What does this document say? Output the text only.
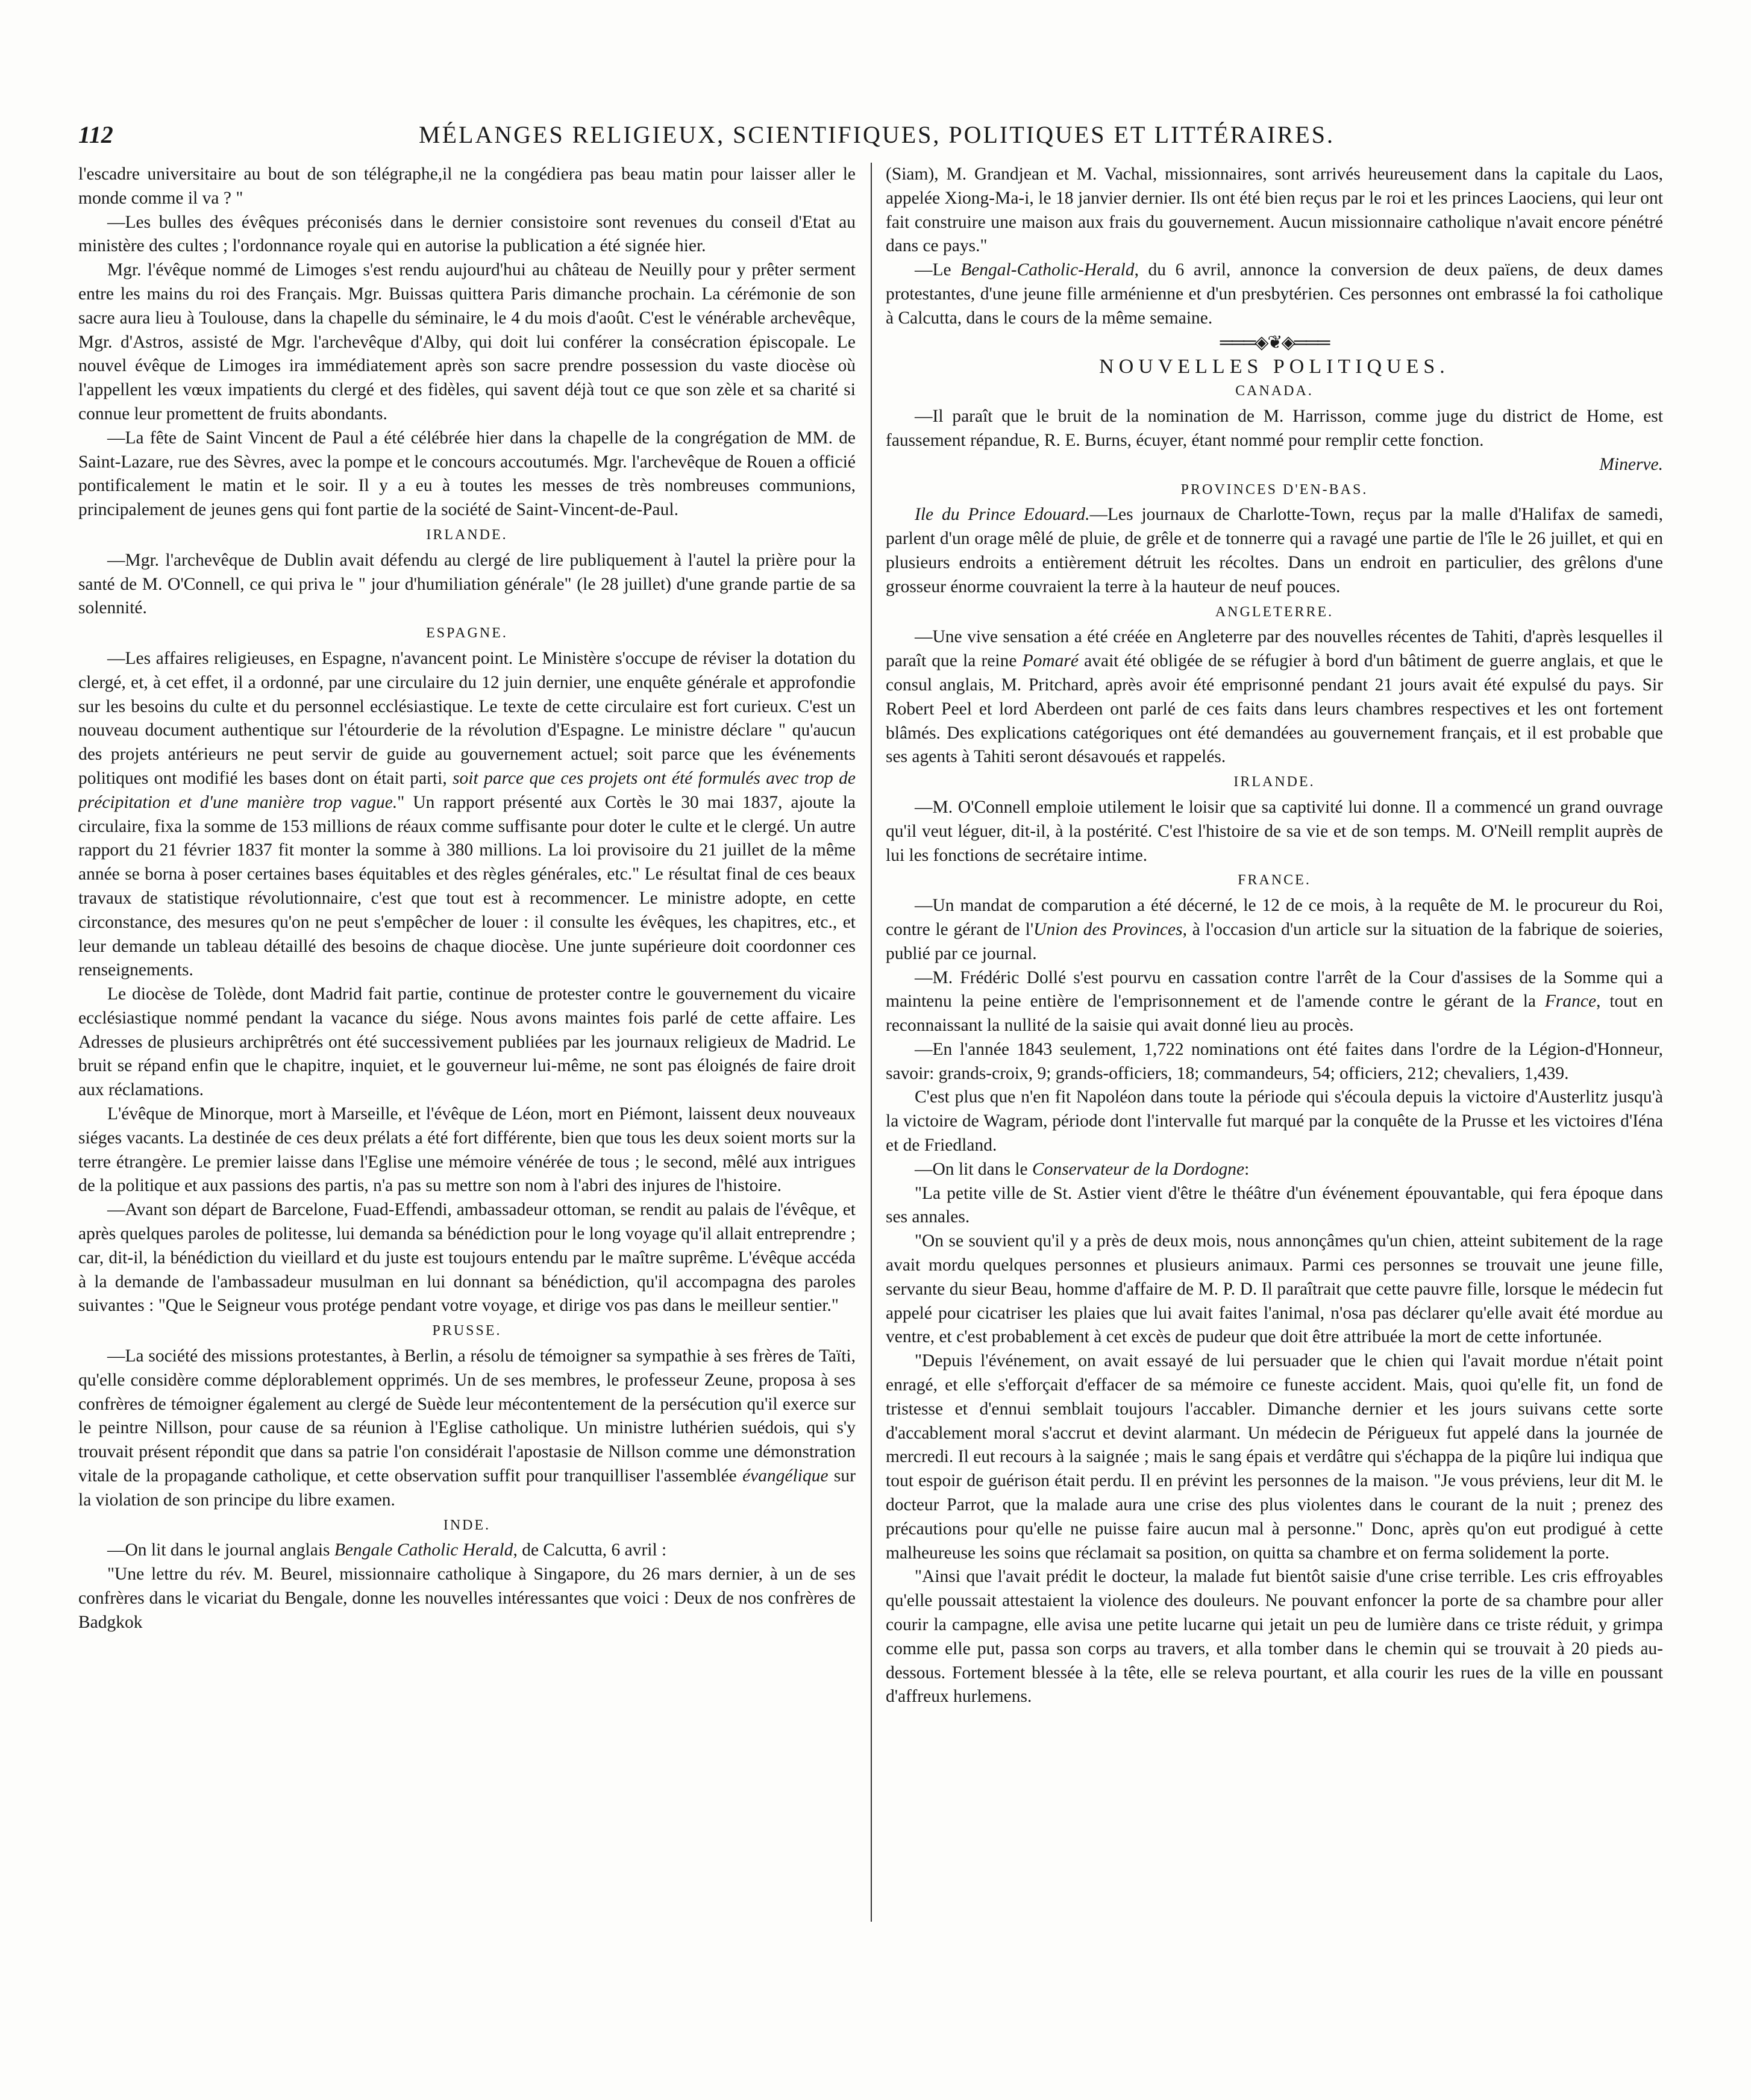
112	MÉLANGES RELIGIEUX, SCIENTIFIQUES, POLITIQUES ET LITTÉRAIRES.

l'escadre universitaire au bout de son télégraphe,il ne la congédiera pas beau matin pour laisser aller le monde comme il va ? "

—Les bulles des évêques préconisés dans le dernier consistoire sont revenues du conseil d'Etat au ministère des cultes ; l'ordonnance royale qui en autorise la publication a été signée hier.

Mgr. l'évêque nommé de Limoges s'est rendu aujourd'hui au château de Neuilly pour y prêter serment entre les mains du roi des Français. Mgr. Buissas quittera Paris dimanche prochain. La cérémonie de son sacre aura lieu à Toulouse, dans la chapelle du séminaire, le 4 du mois d'août. C'est le vénérable archevêque, Mgr. d'Astros, assisté de Mgr. l'archevêque d'Alby, qui doit lui conférer la consécration épiscopale. Le nouvel évêque de Limoges ira immédiatement après son sacre prendre possession du vaste diocèse où l'appellent les vœux impatients du clergé et des fidèles, qui savent déjà tout ce que son zèle et sa charité si connue leur promettent de fruits abondants.

—La fête de Saint Vincent de Paul a été célébrée hier dans la chapelle de la congrégation de MM. de Saint-Lazare, rue des Sèvres, avec la pompe et le concours accoutumés. Mgr. l'archevêque de Rouen a officié pontificalement le matin et le soir. Il y a eu à toutes les messes de très nombreuses communions, principalement de jeunes gens qui font partie de la société de Saint-Vincent-de-Paul.

IRLANDE.

—Mgr. l'archevêque de Dublin avait défendu au clergé de lire publiquement à l'autel la prière pour la santé de M. O'Connell, ce qui priva le " jour d'humiliation générale" (le 28 juillet) d'une grande partie de sa solennité.

ESPAGNE.

—Les affaires religieuses, en Espagne, n'avancent point. Le Ministère s'occupe de réviser la dotation du clergé, et, à cet effet, il a ordonné, par une circulaire du 12 juin dernier, une enquête générale et approfondie sur les besoins du culte et du personnel ecclésiastique. Le texte de cette circulaire est fort curieux. C'est un nouveau document authentique sur l'étourderie de la révolution d'Espagne. Le ministre déclare " qu'aucun des projets antérieurs ne peut servir de guide au gouvernement actuel; soit parce que les événements politiques ont modifié les bases dont on était parti, soit parce que ces projets ont été formulés avec trop de précipitation et d'une manière trop vague." Un rapport présenté aux Cortès le 30 mai 1837, ajoute la circulaire, fixa la somme de 153 millions de réaux comme suffisante pour doter le culte et le clergé. Un autre rapport du 21 février 1837 fit monter la somme à 380 millions. La loi provisoire du 21 juillet de la même année se borna à poser certaines bases équitables et des règles générales, etc." Le résultat final de ces beaux travaux de statistique révolutionnaire, c'est que tout est à recommencer. Le ministre adopte, en cette circonstance, des mesures qu'on ne peut s'empêcher de louer : il consulte les évêques, les chapitres, etc., et leur demande un tableau détaillé des besoins de chaque diocèse. Une junte supérieure doit coordonner ces renseignements.

Le diocèse de Tolède, dont Madrid fait partie, continue de protester contre le gouvernement du vicaire ecclésiastique nommé pendant la vacance du siége. Nous avons maintes fois parlé de cette affaire. Les Adresses de plusieurs archiprêtrés ont été successivement publiées par les journaux religieux de Madrid. Le bruit se répand enfin que le chapitre, inquiet, et le gouverneur lui-même, ne sont pas éloignés de faire droit aux réclamations.

L'évêque de Minorque, mort à Marseille, et l'évêque de Léon, mort en Piémont, laissent deux nouveaux siéges vacants. La destinée de ces deux prélats a été fort différente, bien que tous les deux soient morts sur la terre étrangère. Le premier laisse dans l'Eglise une mémoire vénérée de tous ; le second, mêlé aux intrigues de la politique et aux passions des partis, n'a pas su mettre son nom à l'abri des injures de l'histoire.

—Avant son départ de Barcelone, Fuad-Effendi, ambassadeur ottoman, se rendit au palais de l'évêque, et après quelques paroles de politesse, lui demanda sa bénédiction pour le long voyage qu'il allait entreprendre ; car, dit-il, la bénédiction du vieillard et du juste est toujours entendu par le maître suprême. L'évêque accéda à la demande de l'ambassadeur musulman en lui donnant sa bénédiction, qu'il accompagna des paroles suivantes : "Que le Seigneur vous protége pendant votre voyage, et dirige vos pas dans le meilleur sentier."

PRUSSE.

—La société des missions protestantes, à Berlin, a résolu de témoigner sa sympathie à ses frères de Taïti, qu'elle considère comme déplorablement opprimés. Un de ses membres, le professeur Zeune, proposa à ses confrères de témoigner également au clergé de Suède leur mécontentement de la persécution qu'il exerce sur le peintre Nillson, pour cause de sa réunion à l'Eglise catholique. Un ministre luthérien suédois, qui s'y trouvait présent répondit que dans sa patrie l'on considérait l'apostasie de Nillson comme une démonstration vitale de la propagande catholique, et cette observation suffit pour tranquilliser l'assemblée évangélique sur la violation de son principe du libre examen.

INDE.

—On lit dans le journal anglais Bengale Catholic Herald, de Calcutta, 6 avril :

"Une lettre du rév. M. Beurel, missionnaire catholique à Singapore, du 26 mars dernier, à un de ses confrères dans le vicariat du Bengale, donne les nouvelles intéressantes que voici : Deux de nos confrères de Badgkok

(Siam), M. Grandjean et M. Vachal, missionnaires, sont arrivés heureusement dans la capitale du Laos, appelée Xiong-Ma-i, le 18 janvier dernier. Ils ont été bien reçus par le roi et les princes Laociens, qui leur ont fait construire une maison aux frais du gouvernement. Aucun missionnaire catholique n'avait encore pénétré dans ce pays."

—Le Bengal-Catholic-Herald, du 6 avril, annonce la conversion de deux païens, de deux dames protestantes, d'une jeune fille arménienne et d'un presbytérien. Ces personnes ont embrassé la foi catholique à Calcutta, dans le cours de la même semaine.

═══◈❦◈═══
NOUVELLES POLITIQUES.
CANADA.

—Il paraît que le bruit de la nomination de M. Harrisson, comme juge du district de Home, est faussement répandue, R. E. Burns, écuyer, étant nommé pour remplir cette fonction.

Minerve.
PROVINCES D'EN-BAS.

Ile du Prince Edouard.—Les journaux de Charlotte-Town, reçus par la malle d'Halifax de samedi, parlent d'un orage mêlé de pluie, de grêle et de tonnerre qui a ravagé une partie de l'île le 26 juillet, et qui en plusieurs endroits a entièrement détruit les récoltes. Dans un endroit en particulier, des grêlons d'une grosseur énorme couvraient la terre à la hauteur de neuf pouces.

ANGLETERRE.

—Une vive sensation a été créée en Angleterre par des nouvelles récentes de Tahiti, d'après lesquelles il paraît que la reine Pomaré avait été obligée de se réfugier à bord d'un bâtiment de guerre anglais, et que le consul anglais, M. Pritchard, après avoir été emprisonné pendant 21 jours avait été expulsé du pays. Sir Robert Peel et lord Aberdeen ont parlé de ces faits dans leurs chambres respectives et les ont fortement blâmés. Des explications catégoriques ont été demandées au gouvernement français, et il est probable que ses agents à Tahiti seront désavoués et rappelés.

IRLANDE.

—M. O'Connell emploie utilement le loisir que sa captivité lui donne. Il a commencé un grand ouvrage qu'il veut léguer, dit-il, à la postérité. C'est l'histoire de sa vie et de son temps. M. O'Neill remplit auprès de lui les fonctions de secrétaire intime.

FRANCE.

—Un mandat de comparution a été décerné, le 12 de ce mois, à la requête de M. le procureur du Roi, contre le gérant de l'Union des Provinces, à l'occasion d'un article sur la situation de la fabrique de soieries, publié par ce journal.

—M. Frédéric Dollé s'est pourvu en cassation contre l'arrêt de la Cour d'assises de la Somme qui a maintenu la peine entière de l'emprisonnement et de l'amende contre le gérant de la France, tout en reconnaissant la nullité de la saisie qui avait donné lieu au procès.

—En l'année 1843 seulement, 1,722 nominations ont été faites dans l'ordre de la Légion-d'Honneur, savoir: grands-croix, 9; grands-officiers, 18; commandeurs, 54; officiers, 212; chevaliers, 1,439.

C'est plus que n'en fit Napoléon dans toute la période qui s'écoula depuis la victoire d'Austerlitz jusqu'à la victoire de Wagram, période dont l'intervalle fut marqué par la conquête de la Prusse et les victoires d'Iéna et de Friedland.

—On lit dans le Conservateur de la Dordogne:

"La petite ville de St. Astier vient d'être le théâtre d'un événement épouvantable, qui fera époque dans ses annales.

"On se souvient qu'il y a près de deux mois, nous annonçâmes qu'un chien, atteint subitement de la rage avait mordu quelques personnes et plusieurs animaux. Parmi ces personnes se trouvait une jeune fille, servante du sieur Beau, homme d'affaire de M. P. D. Il paraîtrait que cette pauvre fille, lorsque le médecin fut appelé pour cicatriser les plaies que lui avait faites l'animal, n'osa pas déclarer qu'elle avait été mordue au ventre, et c'est probablement à cet excès de pudeur que doit être attribuée la mort de cette infortunée.

"Depuis l'événement, on avait essayé de lui persuader que le chien qui l'avait mordue n'était point enragé, et elle s'efforçait d'effacer de sa mémoire ce funeste accident. Mais, quoi qu'elle fit, un fond de tristesse et d'ennui semblait toujours l'accabler. Dimanche dernier et les jours suivans cette sorte d'accablement moral s'accrut et devint alarmant. Un médecin de Périgueux fut appelé dans la journée de mercredi. Il eut recours à la saignée ; mais le sang épais et verdâtre qui s'échappa de la piqûre lui indiqua que tout espoir de guérison était perdu. Il en prévint les personnes de la maison. "Je vous préviens, leur dit M. le docteur Parrot, que la malade aura une crise des plus violentes dans le courant de la nuit ; prenez des précautions pour qu'elle ne puisse faire aucun mal à personne." Donc, après qu'on eut prodigué à cette malheureuse les soins que réclamait sa position, on quitta sa chambre et on ferma solidement la porte.

"Ainsi que l'avait prédit le docteur, la malade fut bientôt saisie d'une crise terrible. Les cris effroyables qu'elle poussait attestaient la violence des douleurs. Ne pouvant enfoncer la porte de sa chambre pour aller courir la campagne, elle avisa une petite lucarne qui jetait un peu de lumière dans ce triste réduit, y grimpa comme elle put, passa son corps au travers, et alla tomber dans le chemin qui se trouvait à 20 pieds au-dessous. Fortement blessée à la tête, elle se releva pourtant, et alla courir les rues de la ville en poussant d'affreux hurlemens.
